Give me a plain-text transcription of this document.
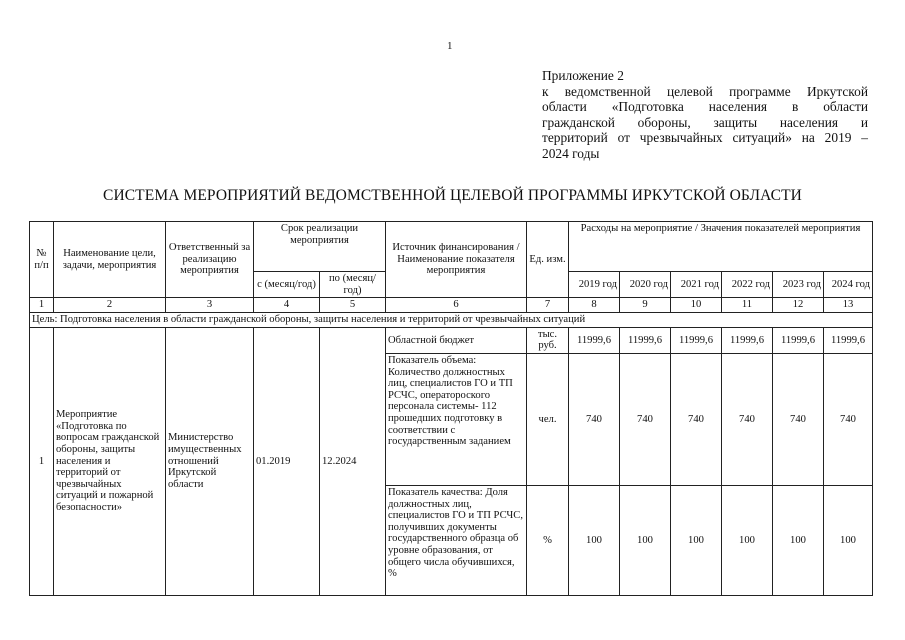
1
Приложение 2
к ведомственной целевой программе Иркутской
области «Подготовка населения в области
гражданской обороны, защиты населения и
территорий от чрезвычайных ситуаций» на 2019 –
2024 годы
СИСТЕМА МЕРОПРИЯТИЙ ВЕДОМСТВЕННОЙ ЦЕЛЕВОЙ ПРОГРАММЫ ИРКУТСКОЙ ОБЛАСТИ
№ п/п	Наименование цели, задачи, мероприятия	Ответственный за реализацию мероприятия	Срок реализации мероприятия		Источник финансирования / Наименование показателя мероприятия	Ед. изм.	Расходы на мероприятие / Значения показателей мероприятия					
			с (месяц/год)	по (месяц/год)			2019 год	2020 год	2021 год	2022 год	2023 год	2024 год
1	2	3	4	5	6	7	8	9	10	11	12	13
Цель: Подготовка населения в области гражданской обороны, защиты населения и территорий от чрезвычайных ситуаций												
1	Мероприятие «Подготовка по вопросам гражданской обороны, защиты населения и территорий от чрезвычайных ситуаций и пожарной безопасности»	Министерство имущественных отношений Иркутской области	01.2019	12.2024	Областной бюджет	тыс. руб.	11999,6	11999,6	11999,6	11999,6	11999,6	11999,6
					Показатель объема: Количество должностных лиц, специалистов ГО и ТП РСЧС, оператороского персонала системы- 112 прошедших подготовку в соответствии с государственным заданием	чел.	740	740	740	740	740	740
					Показатель качества: Доля должностных лиц, специалистов ГО и ТП РСЧС, получивших документы государственного образца об уровне образования, от общего числа обучившихся, %	%	100	100	100	100	100	100
